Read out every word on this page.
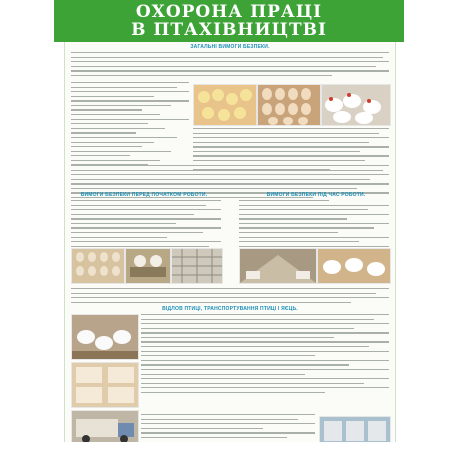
ОХОРОНА ПРАЦІ
В ПТАХІВНИЦТВІ
ЗАГАЛЬНІ ВИМОГИ БЕЗПЕКИ.
ВИМОГИ БЕЗПЕКИ ПЕРЕД ПОЧАТКОМ РОБОТИ.	ВИМОГИ БЕЗПЕКИ ПІД ЧАС РОБОТИ.
ВІДЛОВ ПТИЦІ, ТРАНСПОРТУВАННЯ ПТИЦІ І ЯЄЦЬ.
